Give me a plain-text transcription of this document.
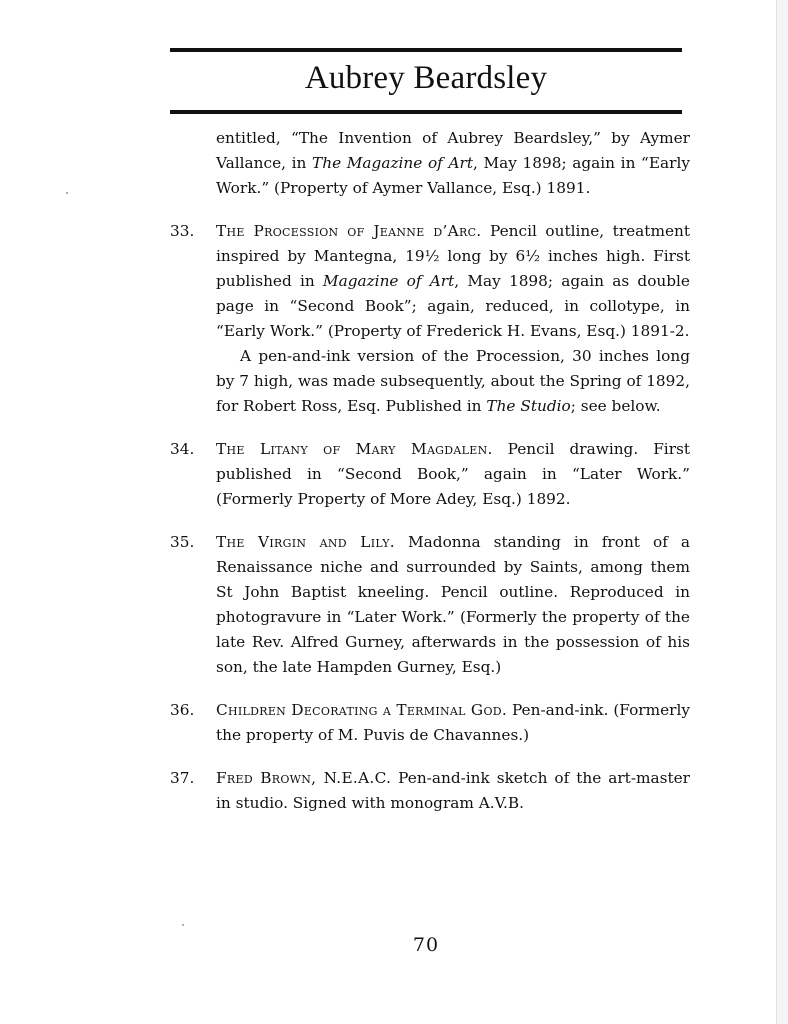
Aubrey Beardsley
entitled, “The Invention of Aubrey Beardsley,” by Aymer Vallance, in The Magazine of Art, May 1898; again in “Early Work.” (Property of Aymer Vallance, Esq.) 1891.
33. The Procession of Jeanne d’Arc. Pencil outline, treatment inspired by Mantegna, 19½ long by 6½ inches high. First published in Magazine of Art, May 1898; again as double page in “Second Book”; again, reduced, in collotype, in “Early Work.” (Property of Frederick H. Evans, Esq.) 1891-2.
A pen-and-ink version of the Procession, 30 inches long by 7 high, was made subsequently, about the Spring of 1892, for Robert Ross, Esq. Published in The Studio; see below.
34. The Litany of Mary Magdalen. Pencil drawing. First published in “Second Book,” again in “Later Work.” (Formerly Property of More Adey, Esq.) 1892.
35. The Virgin and Lily. Madonna standing in front of a Renaissance niche and surrounded by Saints, among them St John Baptist kneeling. Pencil outline. Reproduced in photogravure in “Later Work.” (Formerly the property of the late Rev. Alfred Gurney, afterwards in the possession of his son, the late Hampden Gurney, Esq.)
36. Children Decorating a Terminal God. Pen-and-ink. (Formerly the property of M. Puvis de Chavannes.)
37. Fred Brown, N.E.A.C. Pen-and-ink sketch of the art-master in studio. Signed with monogram A.V.B.
70
